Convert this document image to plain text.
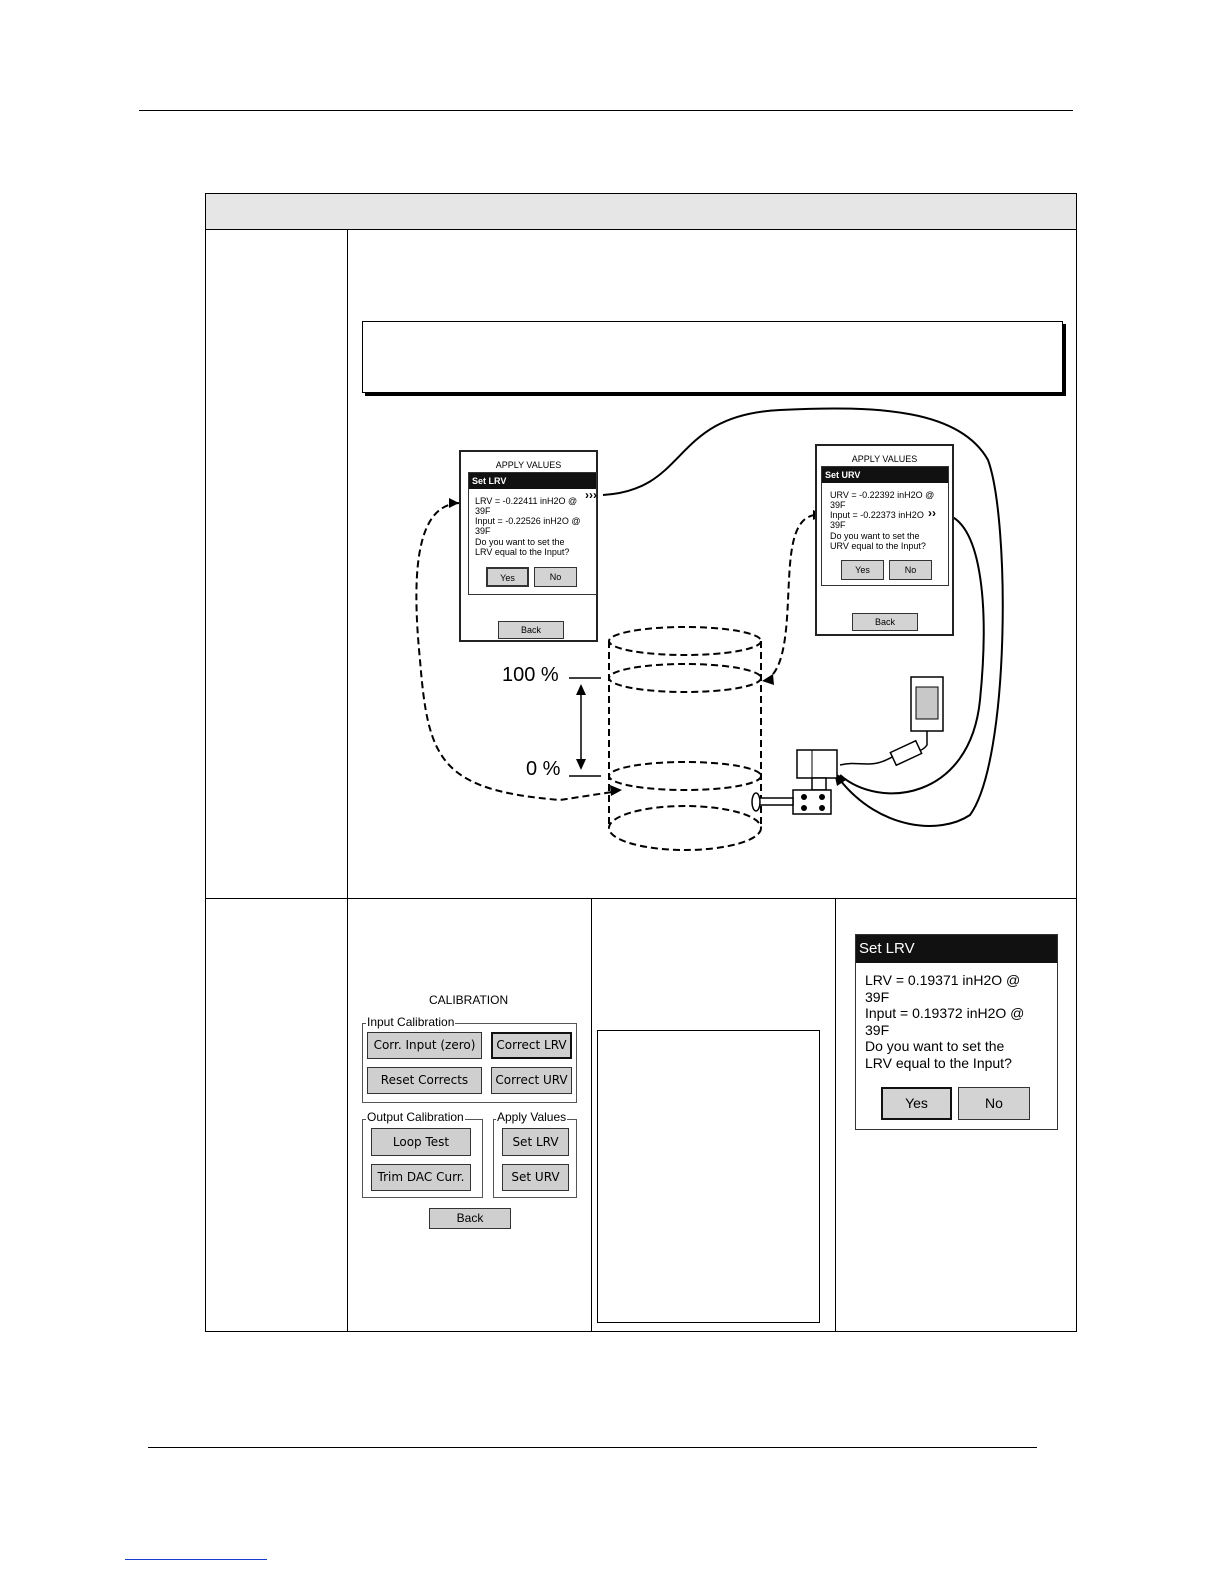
APPLY VALUES
Set LRV
LRV = -0.22411 inH2O @
39F
Input = -0.22526 inH2O @
39F
Do you want to set the
LRV equal to the Input?
Yes	No
Back
›››
APPLY VALUES
Set URV
URV = -0.22392 inH2O @
39F
Input = -0.22373 inH2O
39F
Do you want to set the
URV equal to the Input?
Yes	No
Back
››
100 %
0 %
CALIBRATION
Input Calibration
Corr. Input (zero)	Correct LRV
Reset Corrects	Correct URV
Output Calibration	Apply Values
Loop Test	Set LRV
Trim DAC Curr.	Set URV
Back
Set LRV
LRV = 0.19371 inH2O @
39F
Input = 0.19372 inH2O @
39F
Do you want to set the
LRV equal to the Input?
Yes	No
